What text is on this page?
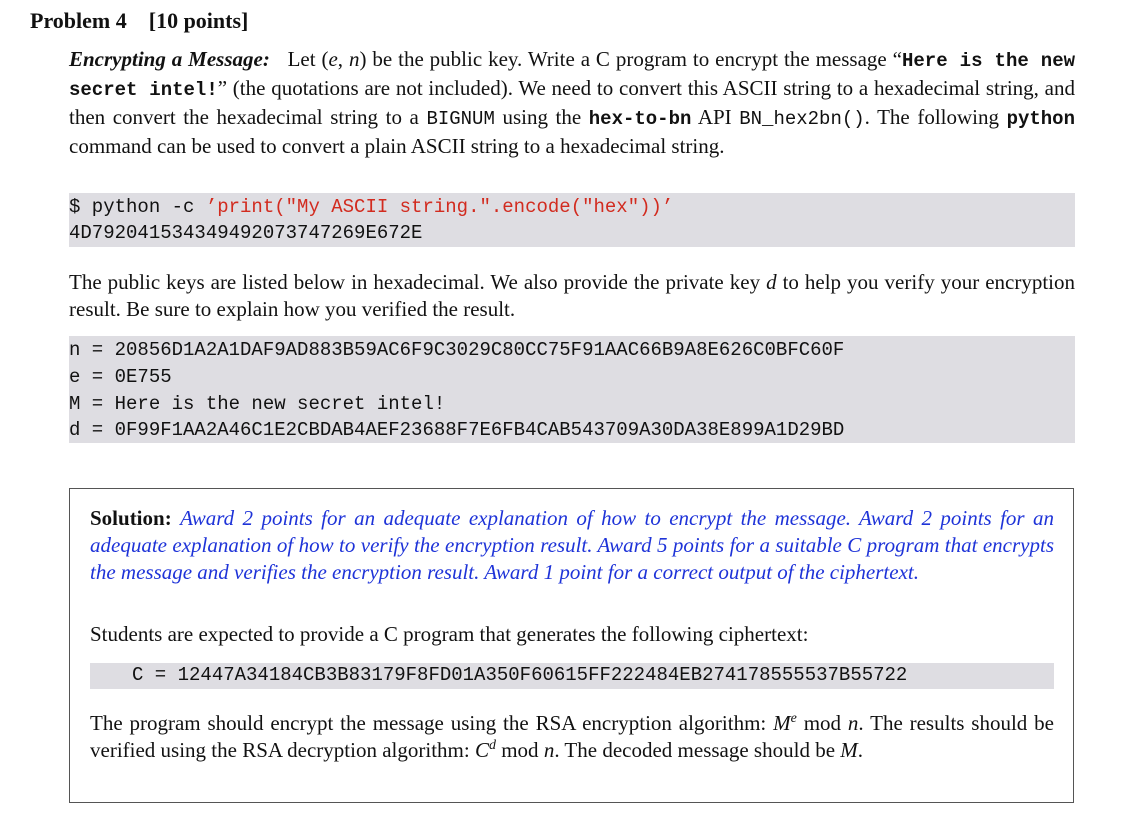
Problem 4 [10 points]
Encrypting a Message: Let (e, n) be the public key. Write a C program to encrypt the message “Here is the new secret intel!” (the quotations are not included). We need to convert this ASCII string to a hexadecimal string, and then convert the hexadecimal string to a BIGNUM using the hex-to-bn API BN_hex2bn(). The following python command can be used to convert a plain ASCII string to a hexadecimal string.
$ python -c ’print("My ASCII string.".encode("hex"))’
4D792041534349492073747269E672E
The public keys are listed below in hexadecimal. We also provide the private key d to help you verify your encryption result. Be sure to explain how you verified the result.
n = 20856D1A2A1DAF9AD883B59AC6F9C3029C80CC75F91AAC66B9A8E626C0BFC60F
e = 0E755
M = Here is the new secret intel!
d = 0F99F1AA2A46C1E2CBDAB4AEF23688F7E6FB4CAB543709A30DA38E899A1D29BD
Solution: Award 2 points for an adequate explanation of how to encrypt the message. Award 2 points for an adequate explanation of how to verify the encryption result. Award 5 points for a suitable C program that encrypts the message and verifies the encryption result. Award 1 point for a correct output of the ciphertext.
Students are expected to provide a C program that generates the following ciphertext:
C = 12447A34184CB3B83179F8FD01A350F60615FF222484EB274178555537B55722
The program should encrypt the message using the RSA encryption algorithm: Me mod n. The results should be verified using the RSA decryption algorithm: $C^d$ mod n. The decoded message should be M.
